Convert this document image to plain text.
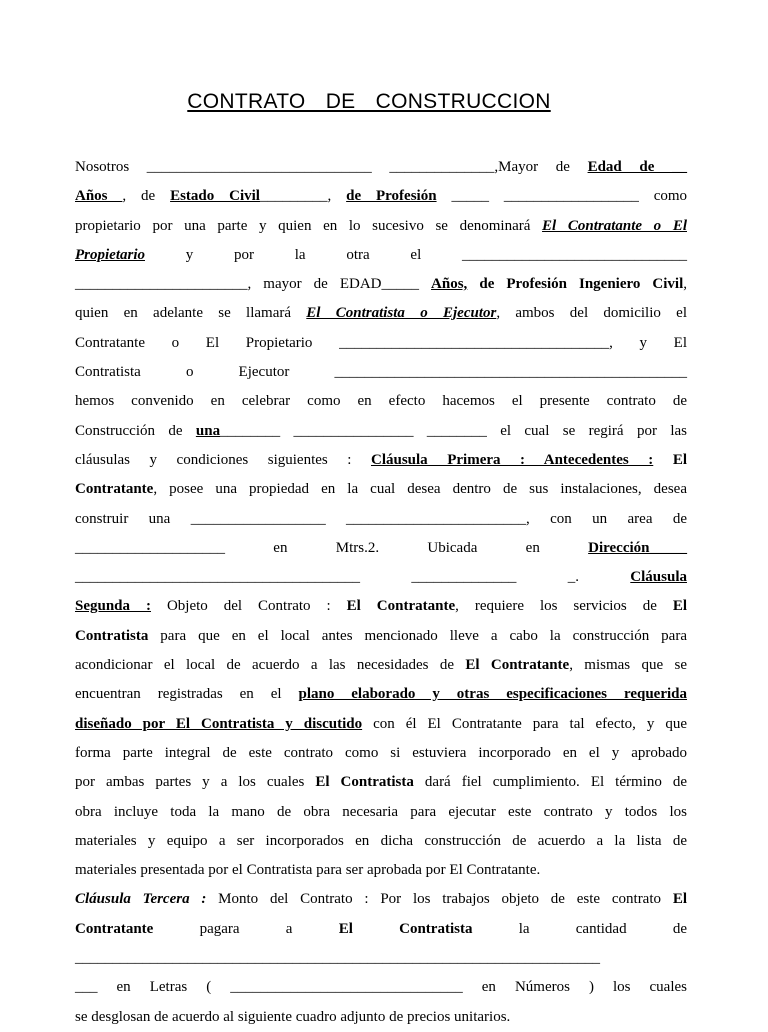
CONTRATO DE CONSTRUCCION
Nosotros ______________________________ ______________,Mayor de Edad de __
Años , de Estado Civil_________, de Profesión _____ __________________ como
propietario por una parte y quien en lo sucesivo se denominará El Contratante o El
Propietario y por la otra el ______________________________
_______________________, mayor de EDAD_____ Años, de Profesión Ingeniero Civil,
quien en adelante se llamará El Contratista o Ejecutor, ambos del domicilio el
Contratante o El Propietario ____________________________________, y El
Contratista o Ejecutor _______________________________________________
hemos convenido en celebrar como en efecto hacemos el presente contrato de
Construcción de una________ ________________ ________ el cual se regirá por las
cláusulas y condiciones siguientes : Cláusula Primera : Antecedentes : El
Contratante, posee una propiedad en la cual desea dentro de sus instalaciones, desea
construir una __________________ ________________________, con un area de
____________________ en Mtrs.2. Ubicada en Dirección_____
______________________________________ ______________ _. Cláusula
Segunda : Objeto del Contrato : El Contratante, requiere los servicios de El
Contratista para que en el local antes mencionado lleve a cabo la construcción para
acondicionar el local de acuerdo a las necesidades de El Contratante, mismas que se
encuentran registradas en el plano elaborado y otras especificaciones requerida
diseñado por El Contratista y discutido con él El Contratante para tal efecto, y que
forma parte integral de este contrato como si estuviera incorporado en el y aprobado
por ambas partes y a los cuales El Contratista dará fiel cumplimiento. El término de
obra incluye toda la mano de obra necesaria para ejecutar este contrato y todos los
materiales y equipo a ser incorporados en dicha construcción de acuerdo a la lista de
materiales presentada por el Contratista para ser aprobada por El Contratante.
Cláusula Tercera : Monto del Contrato : Por los trabajos objeto de este contrato El
Contratante pagara a El Contratista la cantidad de
______________________________________________________________________
___ en Letras ( _______________________________ en Números ) los cuales
se desglosan de acuerdo al siguiente cuadro adjunto de precios unitarios.
